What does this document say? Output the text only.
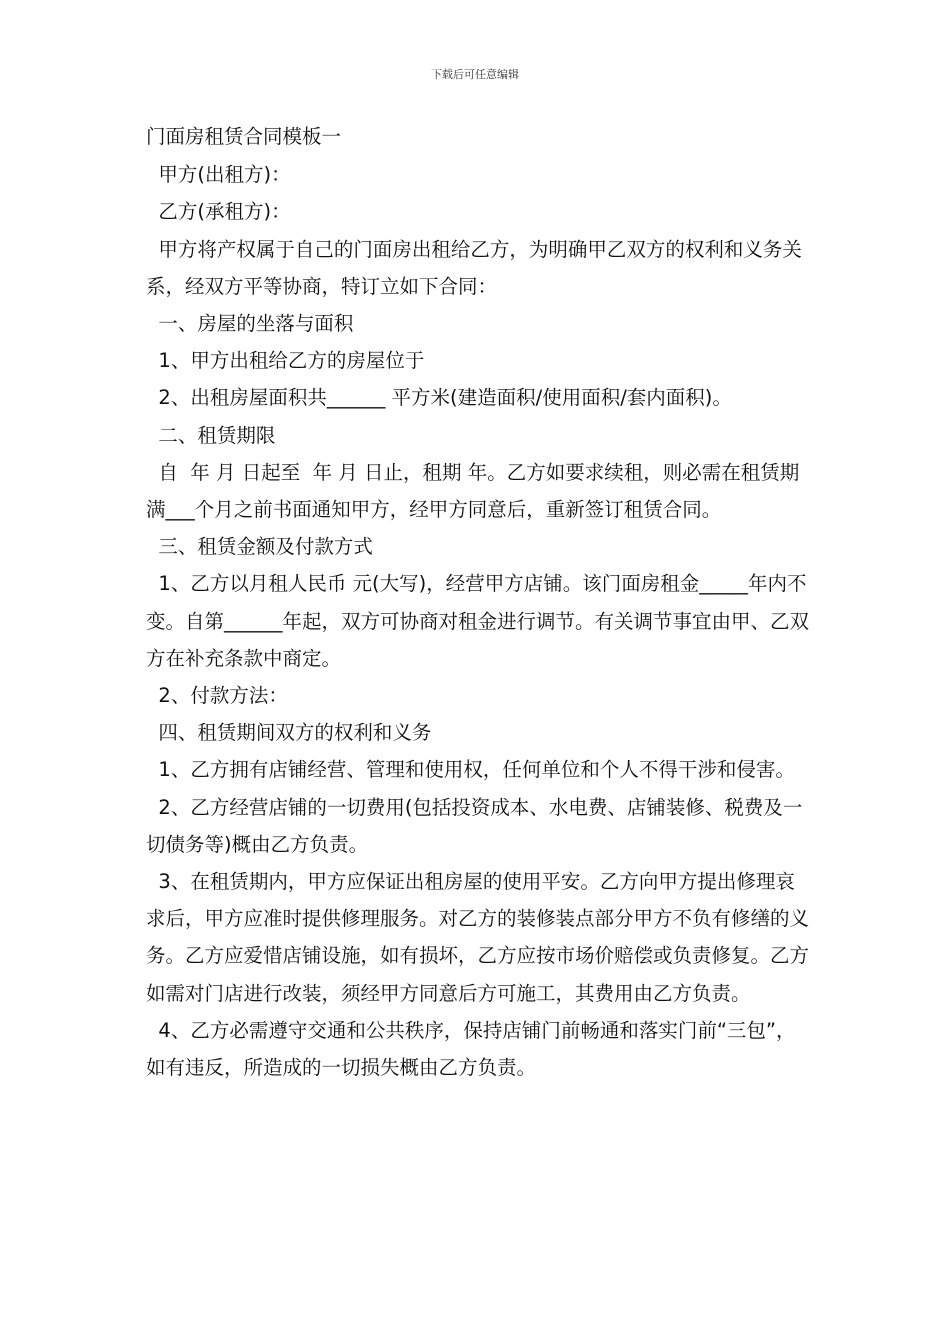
下载后可任意编辑

门面房租赁合同模板一

甲方(出租方)：

乙方(承租方)：

甲方将产权属于自己的门面房出租给乙方，为明确甲乙双方的权利和义务关系，经双方平等协商，特订立如下合同：

一、房屋的坐落与面积

1、甲方出租给乙方的房屋位于

2、出租房屋面积共______ 平方米(建造面积/使用面积/套内面积)。

二、租赁期限

自  年 月 日起至  年 月 日止，租期 年。乙方如要求续租，则必需在租赁期满___个月之前书面通知甲方，经甲方同意后，重新签订租赁合同。

三、租赁金额及付款方式

1、乙方以月租人民币 元(大写)，经营甲方店铺。该门面房租金_____年内不变。自第______年起，双方可协商对租金进行调节。有关调节事宜由甲、乙双方在补充条款中商定。

2、付款方法：

四、租赁期间双方的权利和义务

1、乙方拥有店铺经营、管理和使用权，任何单位和个人不得干涉和侵害。

2、乙方经营店铺的一切费用(包括投资成本、水电费、店铺装修、税费及一切债务等)概由乙方负责。

3、在租赁期内，甲方应保证出租房屋的使用平安。乙方向甲方提出修理哀求后，甲方应准时提供修理服务。对乙方的装修装点部分甲方不负有修缮的义务。乙方应爱惜店铺设施，如有损坏，乙方应按市场价赔偿或负责修复。乙方如需对门店进行改装，须经甲方同意后方可施工，其费用由乙方负责。

4、乙方必需遵守交通和公共秩序，保持店铺门前畅通和落实门前“三包”，如有违反，所造成的一切损失概由乙方负责。
